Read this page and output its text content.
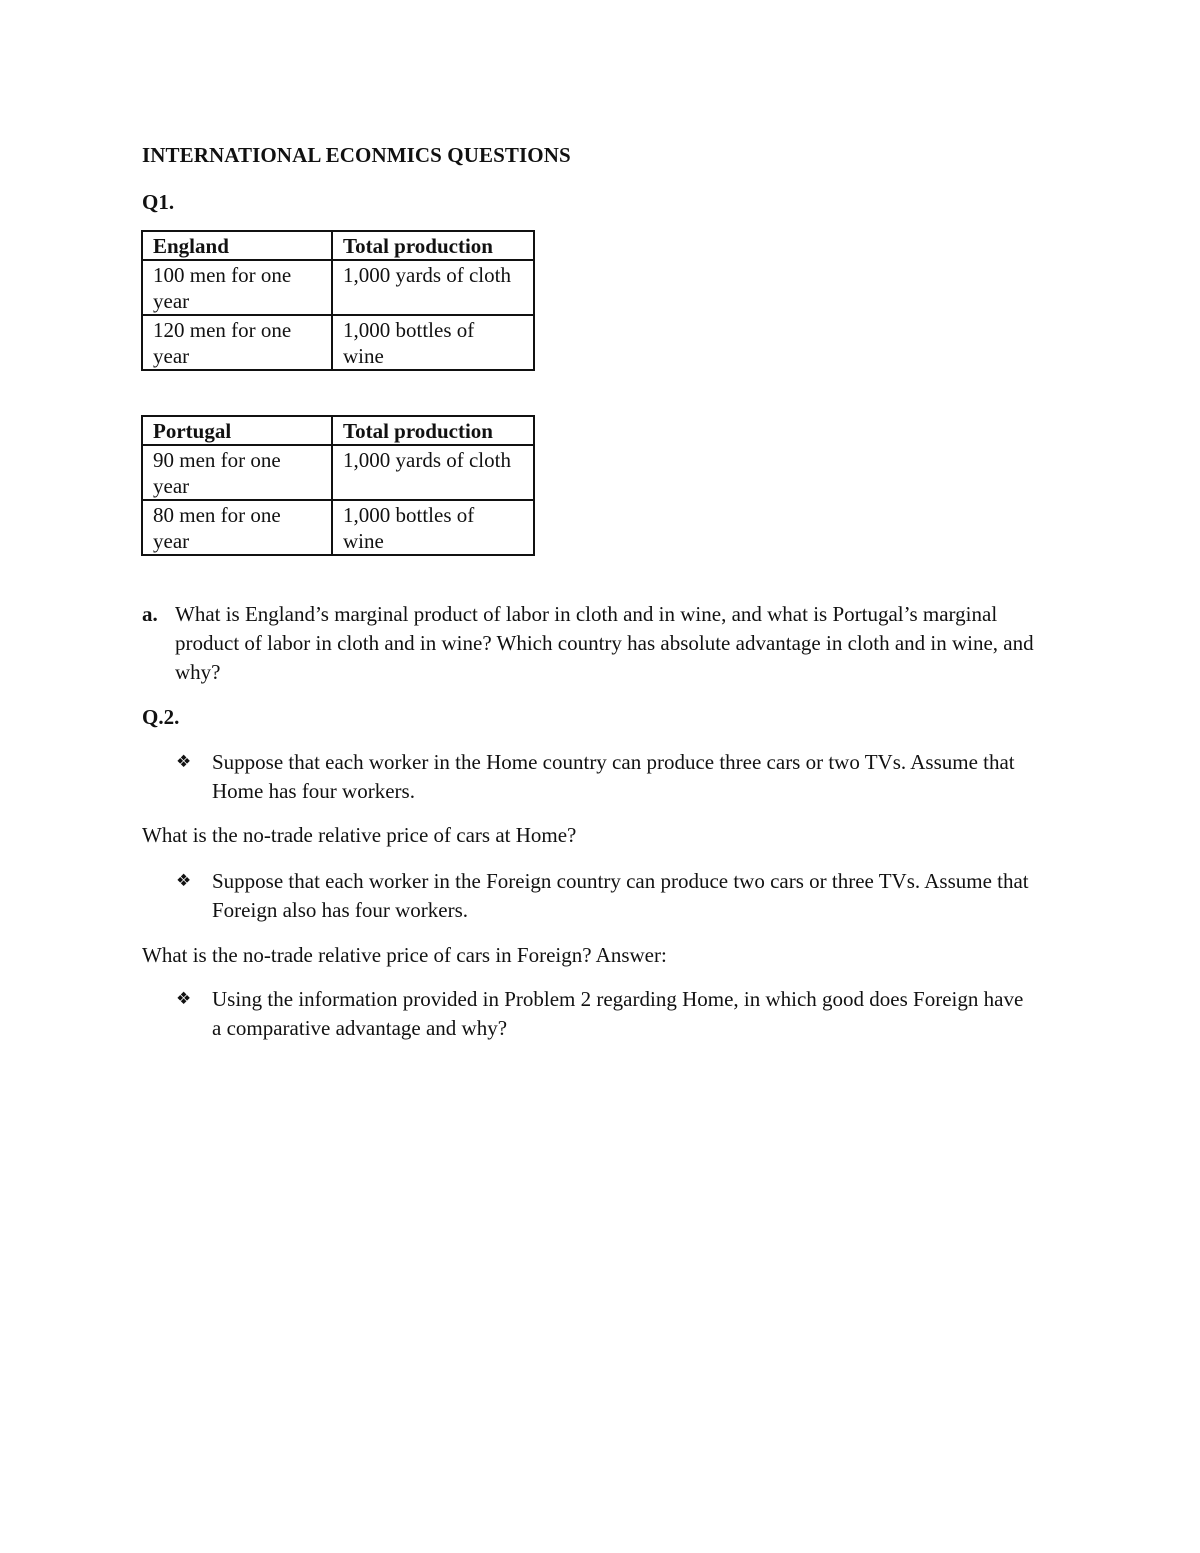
INTERNATIONAL ECONMICS QUESTIONS
Q1.
England	Total production

100 men for one year	1,000 yards of cloth

120 men for one year	1,000 bottles of wine
Portugal	Total production

90 men for one year	1,000 yards of cloth

80 men for one year	1,000 bottles of wine
a. What is England’s marginal product of labor in cloth and in wine, and what is Portugal’s marginal product of labor in cloth and in wine? Which country has absolute advantage in cloth and in wine, and why?
Q.2.
❖ Suppose that each worker in the Home country can produce three cars or two TVs. Assume that Home has four workers.

What is the no-trade relative price of cars at Home?

❖ Suppose that each worker in the Foreign country can produce two cars or three TVs. Assume that Foreign also has four workers.

What is the no-trade relative price of cars in Foreign? Answer:

❖ Using the information provided in Problem 2 regarding Home, in which good does Foreign have a comparative advantage and why?
